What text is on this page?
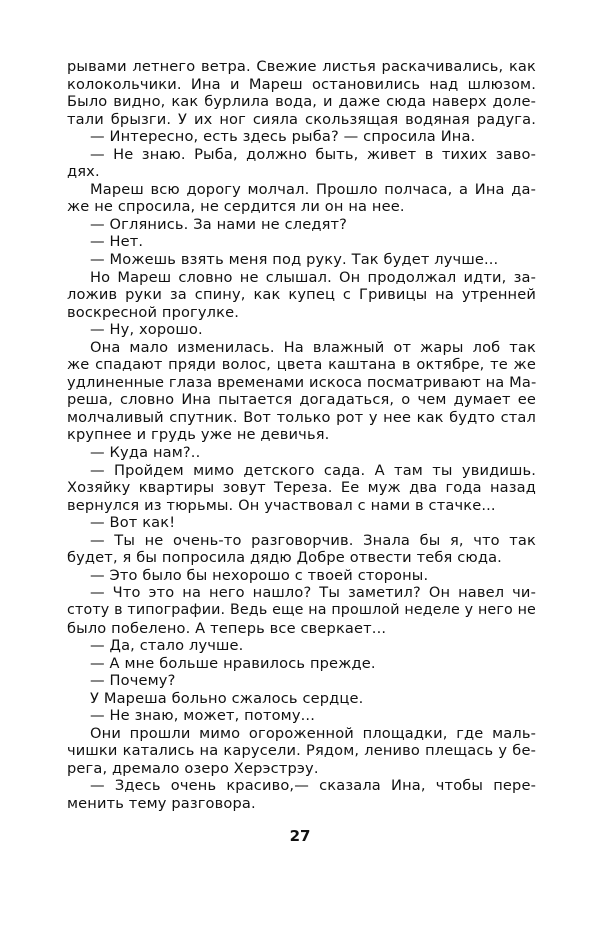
рывами летнего ветра. Свежие листья раскачивались, как
колокольчики. Ина и Мареш остановились над шлюзом.
Было видно, как бурлила вода, и даже сюда наверх доле-
тали брызги. У их ног сияла скользящая водяная радуга.
— Интересно, есть здесь рыба? — спросила Ина.
— Не знаю. Рыба, должно быть, живет в тихих заво-
дях.
Мареш всю дорогу молчал. Прошло полчаса, а Ина да-
же не спросила, не сердится ли он на нее.
— Оглянись. За нами не следят?
— Нет.
— Можешь взять меня под руку. Так будет лучше...
Но Мареш словно не слышал. Он продолжал идти, за-
ложив руки за спину, как купец с Гривицы на утренней
воскресной прогулке.
— Ну, хорошо.
Она мало изменилась. На влажный от жары лоб так
же спадают пряди волос, цвета каштана в октябре, те же
удлиненные глаза временами искоса посматривают на Ма-
реша, словно Ина пытается догадаться, о чем думает ее
молчаливый спутник. Вот только рот у нее как будто стал
крупнее и грудь уже не девичья.
— Куда нам?..
— Пройдем мимо детского сада. А там ты увидишь.
Хозяйку квартиры зовут Тереза. Ее муж два года назад
вернулся из тюрьмы. Он участвовал с нами в стачке...
— Вот как!
— Ты не очень-то разговорчив. Знала бы я, что так
будет, я бы попросила дядю Добре отвести тебя сюда.
— Это было бы нехорошо с твоей стороны.
— Что это на него нашло? Ты заметил? Он навел чи-
стоту в типографии. Ведь еще на прошлой неделе у него не
было побелено. А теперь все сверкает...
— Да, стало лучше.
— А мне больше нравилось прежде.
— Почему?
У Мареша больно сжалось сердце.
— Не знаю, может, потому...
Они прошли мимо огороженной площадки, где маль-
чишки катались на карусели. Рядом, лениво плещась у бе-
рега, дремало озеро Херэстрэу.
— Здесь очень красиво,— сказала Ина, чтобы пере-
менить тему разговора.
27
